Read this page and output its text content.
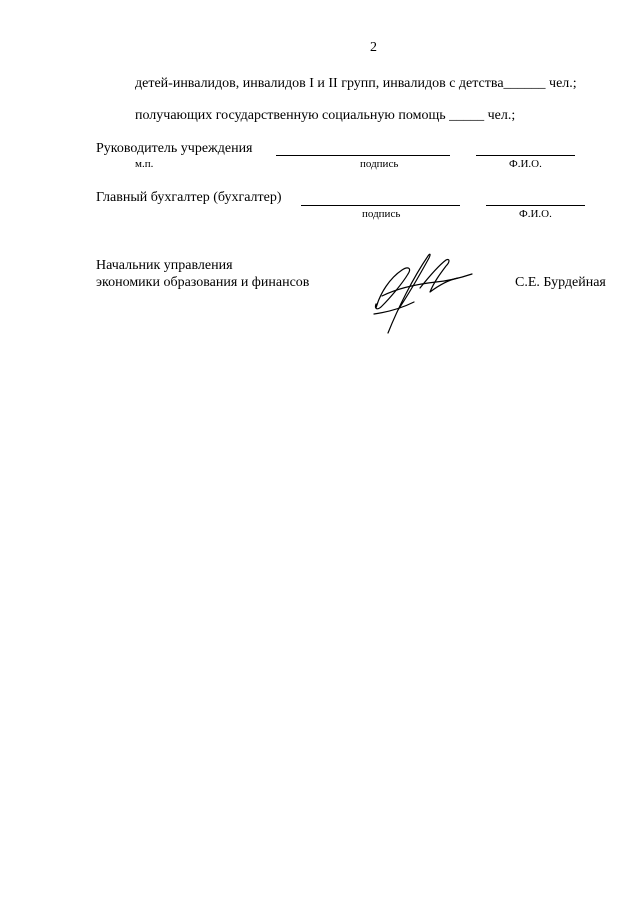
2
детей-инвалидов, инвалидов I и II групп, инвалидов с детства______ чел.;
получающих государственную социальную помощь _____ чел.;
Руководитель учреждения
м.п.	подпись	Ф.И.О.
Главный бухгалтер (бухгалтер)
подпись	Ф.И.О.
Начальник управления
экономики образования и финансов	С.Е. Бурдейная
